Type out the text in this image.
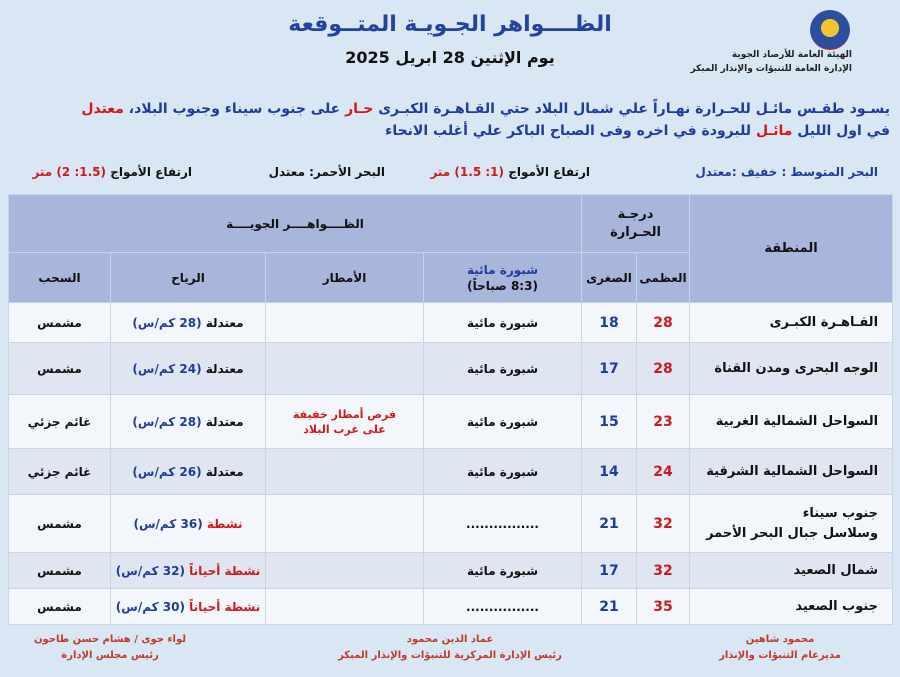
الهيئة العامة للأرصاد الجوية
الإدارة العامة للتنبؤات والإنذار المبكر
الظــــواهر الجـويـة المتــوقعة
يوم الإثنين 28 ابريل 2025
يسـود طقـس مائـل للحـرارة نهـاراً علي شمال البلاد حتي القـاهـرة الكبـرى حـار على جنوب سيناء وجنوب البلاد، معتدل
في اول الليل مائـل للبرودة في اخره وفى الصباح الباكر علي أغلب الانحاء
البحر المتوسط : خفيف :معتدل
ارتفاع الأمواج (1: 1.5) متر
البحر الأحمر: معتدل
ارتفاع الأمواج (1.5: 2) متر
المنطقة	درجـة
الحـرارة		الظــــواهــــر الجويــــة			
	العظمى	الصغرى	شبورة مائية
(8:3 صباحاً)	الأمطار	الرياح	السحب
القـاهـرة الكبـرى	28	18	شبورة مائية		معتدلة (28 كم/س)	مشمس
الوجه البحرى ومدن القناة	28	17	شبورة مائية		معتدلة (24 كم/س)	مشمس
السواحل الشمالية الغربية	23	15	شبورة مائية	فرص أمطار خفيفة
على غرب البلاد	معتدلة (28 كم/س)	غائم جزئي
السواحل الشمالية الشرقية	24	14	شبورة مائية		معتدلة (26 كم/س)	غائم جزئي
جنوب سيناء
وسلاسل جبال البحر الأحمر	32	21	................		نشطة (36 كم/س)	مشمس
شمال الصعيد	32	17	شبورة مائية		نشطة أحياناً (32 كم/س)	مشمس
جنوب الصعيد	35	21	................		نشطة أحياناً (30 كم/س)	مشمس
محمود شاهين
مديرعام التنبؤات والإنذار
عماد الدين محمود
رئيس الإدارة المركزية للتنبؤات والإنذار المبكر
لواء جوى / هشام حسن طاحون
رئيس مجلس الإدارة
